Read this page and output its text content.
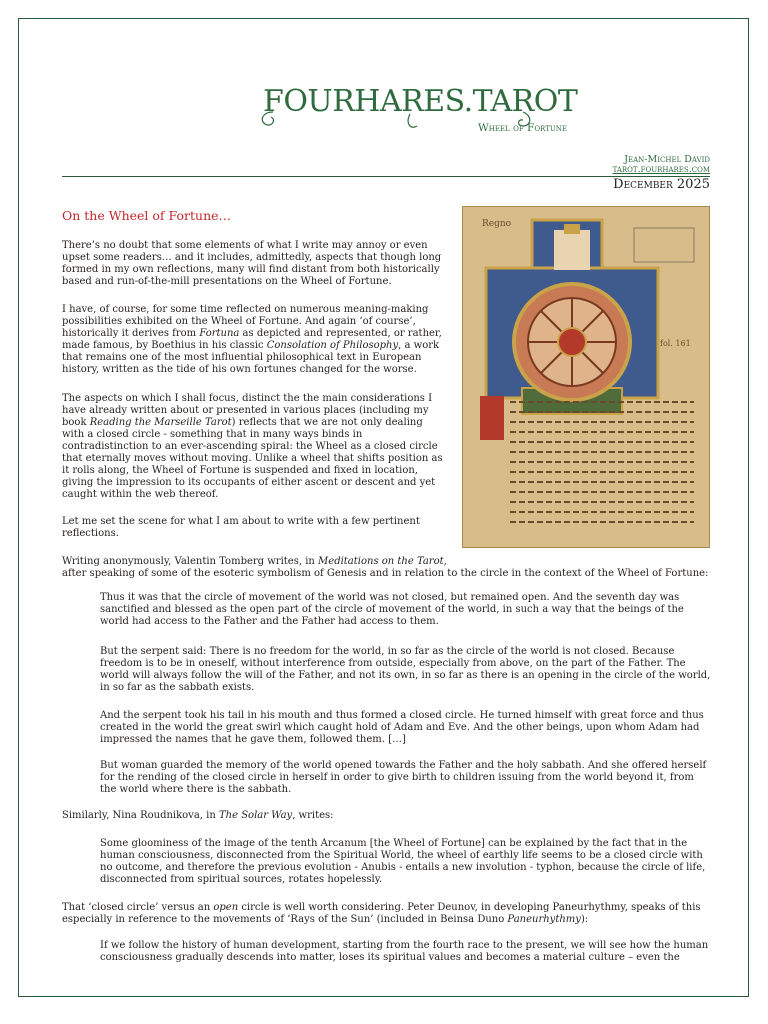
FOURHARES.TAROT
Wheel of Fortune
Jean-Michel David
tarot.fourhares.com
December 2025
On the Wheel of Fortune…
Regno
fol. 161

There’s no doubt that some elements of what I write may annoy or even upset some readers… and it includes, admittedly, aspects that though long formed in my own reflections, many will find distant from both historically based and run-of-the-mill presentations on the Wheel of Fortune.

I have, of course, for some time reflected on numerous meaning-making possibilities exhibited on the Wheel of Fortune. And again ‘of course’, historically it derives from Fortuna as depicted and represented, or rather, made famous, by Boethius in his classic Consolation of Philosophy, a work that remains one of the most influential philosophical text in European history, written as the tide of his own fortunes changed for the worse.

The aspects on which I shall focus, distinct the the main considerations I have already written about or presented in various places (including my book Reading the Marseille Tarot) reflects that we are not only dealing with a closed circle - something that in many ways binds in contradistinction to an ever-ascending spiral: the Wheel as a closed circle that eternally moves without moving. Unlike a wheel that shifts position as it rolls along, the Wheel of Fortune is suspended and fixed in location, giving the impression to its occupants of either ascent or descent and yet caught within the web thereof.

Let me set the scene for what I am about to write with a few pertinent reflections.

Writing anonymously, Valentin Tomberg writes, in Meditations on the Tarot,
after speaking of some of the esoteric symbolism of Genesis and in relation to the circle in the context of the Wheel of Fortune:
Thus it was that the circle of movement of the world was not closed, but remained open. And the seventh day was sanctified and blessed as the open part of the circle of movement of the world, in such a way that the beings of the world had access to the Father and the Father had access to them.
But the serpent said: There is no freedom for the world, in so far as the circle of the world is not closed. Because freedom is to be in oneself, without interference from outside, especially from above, on the part of the Father. The world will always follow the will of the Father, and not its own, in so far as there is an opening in the circle of the world, in so far as the sabbath exists.
And the serpent took his tail in his mouth and thus formed a closed circle. He turned himself with great force and thus created in the world the great swirl which caught hold of Adam and Eve. And the other beings, upon whom Adam had impressed the names that he gave them, followed them. […]
But woman guarded the memory of the world opened towards the Father and the holy sabbath. And she offered herself for the rending of the closed circle in herself in order to give birth to children issuing from the world beyond it, from the world where there is the sabbath.
Similarly, Nina Roudnikova, in The Solar Way, writes:
Some gloominess of the image of the tenth Arcanum [the Wheel of Fortune] can be explained by the fact that in the human consciousness, disconnected from the Spiritual World, the wheel of earthly life seems to be a closed circle with no outcome, and therefore the previous evolution - Anubis - entails a new involution - typhon, because the circle of life, disconnected from spiritual sources, rotates hopelessly.
That ‘closed circle’ versus an open circle is well worth considering. Peter Deunov, in developing Paneurhythmy, speaks of this especially in reference to the movements of ‘Rays of the Sun’ (included in Beinsa Duno Paneurhythmy):
If we follow the history of human development, starting from the fourth race to the present, we will see how the human consciousness gradually descends into matter, loses its spiritual values and becomes a material culture – even the
